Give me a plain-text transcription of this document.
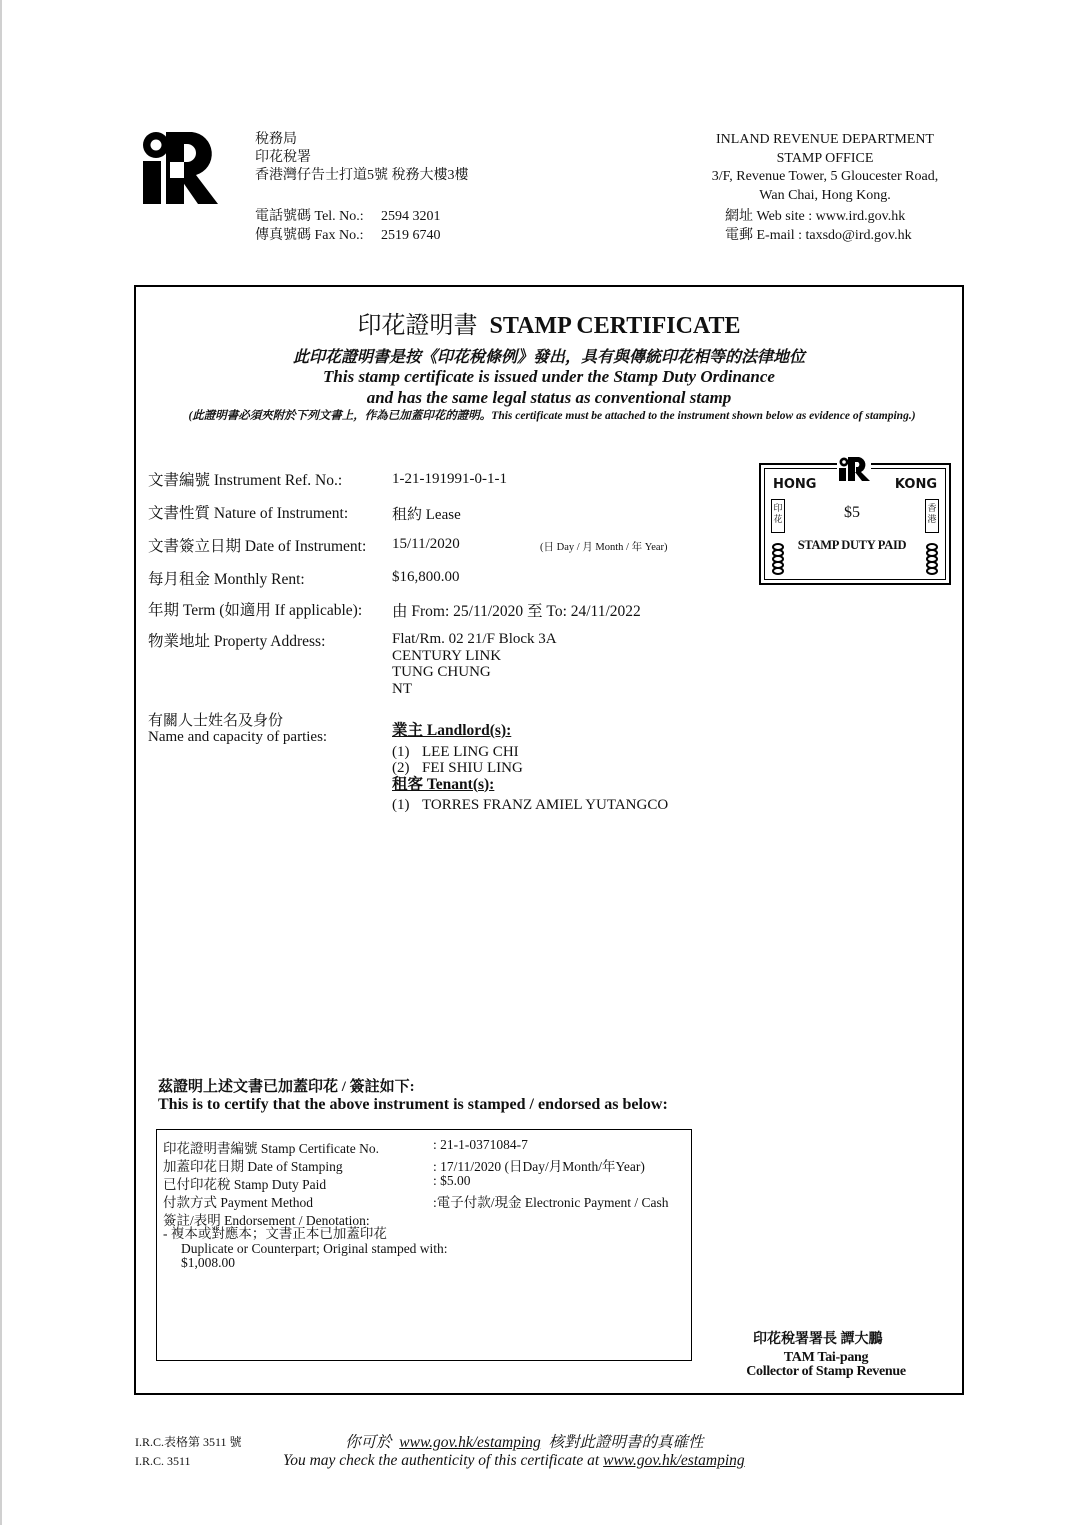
稅務局
印花稅署
香港灣仔告士打道5號 稅務大樓3樓
電話號碼 Tel. No.: 2594 3201
傳真號碼 Fax No.: 2519 6740
INLAND REVENUE DEPARTMENT
STAMP OFFICE
3/F, Revenue Tower, 5 Gloucester Road,
Wan Chai, Hong Kong.
網址 Web site : www.ird.gov.hk
電郵 E-mail : taxsdo@ird.gov.hk
印花證明書 STAMP CERTIFICATE
此印花證明書是按《印花稅條例》發出，具有與傳統印花相等的法律地位
This stamp certificate is issued under the Stamp Duty Ordinance
and has the same legal status as conventional stamp
(此證明書必須夾附於下列文書上，作為已加蓋印花的證明。This certificate must be attached to the instrument shown below as evidence of stamping.)
文書編號 Instrument Ref. No.:	1-21-191991-0-1-1
文書性質 Nature of Instrument:	租約 Lease
文書簽立日期 Date of Instrument: 15/11/2020	(日 Day / 月 Month / 年 Year)
每月租金 Monthly Rent:	$16,800.00
年期 Term (如適用 If applicable): 由 From: 25/11/2020 至 To: 24/11/2022
物業地址 Property Address:	Flat/Rm. 02 21/F Block 3A
CENTURY LINK
TUNG CHUNG
NT
有關人士姓名及身份
Name and capacity of parties:	業主 Landlord(s):
(1) LEE LING CHI
(2) FEI SHIU LING
租客 Tenant(s):
(1) TORRES FRANZ AMIEL YUTANGCO
HONG	KONG
印花
香港
$5
STAMP DUTY PAID
茲證明上述文書已加蓋印花 / 簽註如下:
This is to certify that the above instrument is stamped / endorsed as below:
印花證明書編號 Stamp Certificate No.	: 21-1-0371084-7
加蓋印花日期 Date of Stamping	: 17/11/2020 (日Day/月Month/年Year)
已付印花稅 Stamp Duty Paid	: $5.00
付款方式 Payment Method	:電子付款/現金 Electronic Payment / Cash
簽註/表明 Endorsement / Denotation:
- 複本或對應本；文書正本已加蓋印花
Duplicate or Counterpart; Original stamped with:
$1,008.00
印花稅署署長 譚大鵬
TAM Tai-pang
Collector of Stamp Revenue
I.R.C.表格第 3511 號
I.R.C. 3511
你可於 www.gov.hk/estamping 核對此證明書的真確性
You may check the authenticity of this certificate at www.gov.hk/estamping
